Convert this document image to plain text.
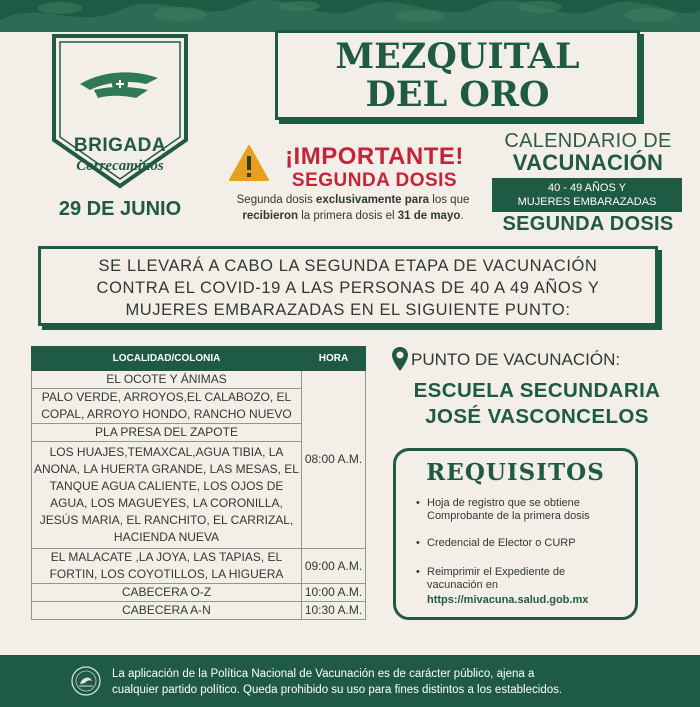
BRIGADA
Correcaminos
29 DE JUNIO
MEZQUITAL
DEL ORO
¡IMPORTANTE!
SEGUNDA DOSIS
Segunda dosis exclusivamente para los que
recibieron la primera dosis el 31 de mayo.
CALENDARIO DE
VACUNACIÓN
40 - 49 AÑOS Y
MUJERES EMBARAZADAS
SEGUNDA DOSIS
SE LLEVARÁ A CABO LA SEGUNDA ETAPA DE VACUNACIÓN
CONTRA EL COVID-19 A LAS PERSONAS DE 40 A 49 AÑOS Y
MUJERES EMBARAZADAS EN EL SIGUIENTE PUNTO:
LOCALIDAD/COLONIA	HORA
EL OCOTE Y ÁNIMAS	08:00 A.M.
PALO VERDE, ARROYOS,EL CALABOZO, EL COPAL, ARROYO HONDO, RANCHO NUEVO	
PLA PRESA DEL ZAPOTE	
LOS HUAJES,TEMAXCAL,AGUA TIBIA, LA ANONA, LA HUERTA GRANDE, LAS MESAS, EL TANQUE AGUA CALIENTE, LOS OJOS DE AGUA, LOS MAGUEYES, LA CORONILLA, JESÚS MARIA, EL RANCHITO, EL CARRIZAL, HACIENDA NUEVA	
EL MALACATE ,LA JOYA, LAS TAPIAS, EL FORTIN, LOS COYOTILLOS, LA HIGUERA	09:00 A.M.
CABECERA O-Z	10:00 A.M.
CABECERA A-N	10:30 A.M.
PUNTO DE VACUNACIÓN:
ESCUELA SECUNDARIA
JOSÉ VASCONCELOS
REQUISITOS
• Hoja de registro que se obtiene
Comprobante de la primera dosis
• Credencial de Elector o CURP
• Reimprimir el Expediente de
vacunación en
https://mivacuna.salud.gob.mx
La aplicación de la Política Nacional de Vacunación es de carácter público, ajena a
cualquier partido político. Queda prohibido su uso para fines distintos a los establecidos.
